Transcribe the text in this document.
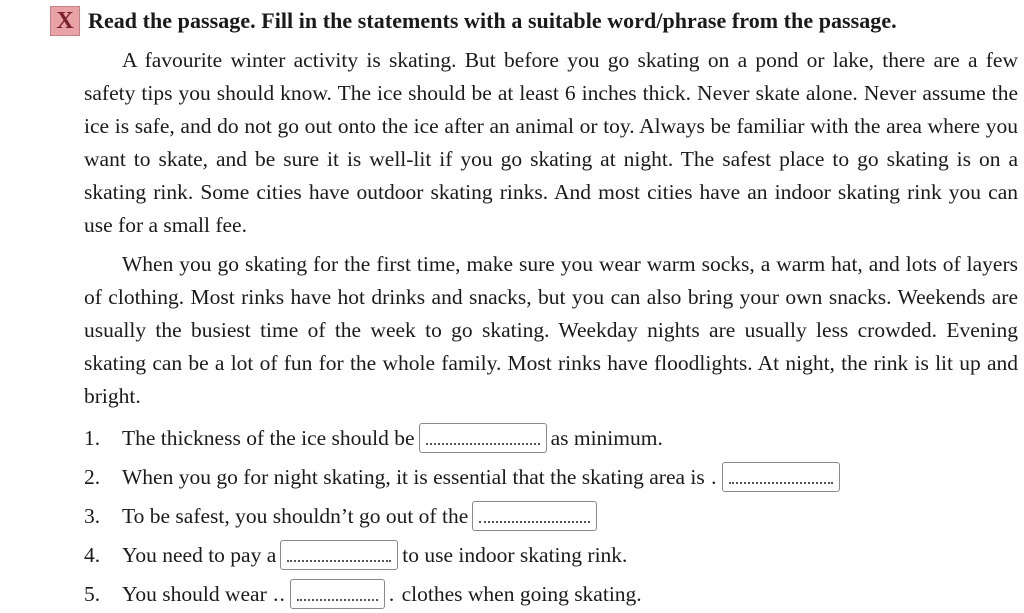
X Read the passage. Fill in the statements with a suitable word/phrase from the passage.

A favourite winter activity is skating. But before you go skating on a pond or lake, there are a few safety tips you should know. The ice should be at least 6 inches thick. Never skate alone. Never assume the ice is safe, and do not go out onto the ice after an animal or toy. Always be familiar with the area where you want to skate, and be sure it is well-lit if you go skating at night. The safest place to go skating is on a skating rink. Some cities have outdoor skating rinks. And most cities have an indoor skating rink you can use for a small fee.

When you go skating for the first time, make sure you wear warm socks, a warm hat, and lots of layers of clothing. Most rinks have hot drinks and snacks, but you can also bring your own snacks. Weekends are usually the busiest time of the week to go skating. Weekday nights are usually less crowded. Evening skating can be a lot of fun for the whole family. Most rinks have floodlights. At night, the rink is lit up and bright.

1.	The thickness of the ice should be	as minimum.
2.	When you go for night skating, it is essential that the skating area is .
3.	To be safest, you shouldn’t go out of the
4.	You need to pay a	to use indoor skating rink.
5.	You should wear ..	. clothes when going skating.
